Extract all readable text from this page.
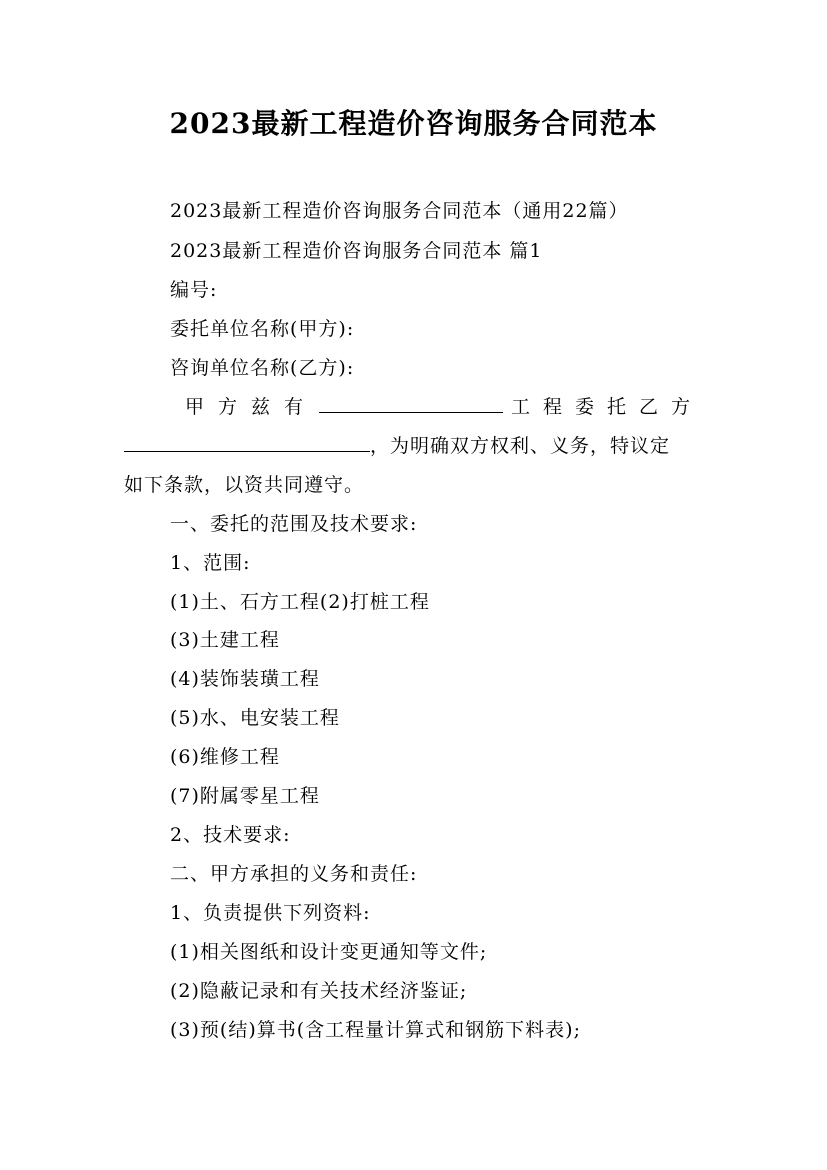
2023最新工程造价咨询服务合同范本
2023最新工程造价咨询服务合同范本（通用22篇）
2023最新工程造价咨询服务合同范本 篇1
编号:
委托单位名称(甲方):
咨询单位名称(乙方):
甲方兹有	工程委托乙方
，为明确双方权利、义务，特议定
如下条款，以资共同遵守。
一、委托的范围及技术要求:
1、范围:
(1)土、石方工程(2)打桩工程
(3)土建工程
(4)装饰装璜工程
(5)水、电安装工程
(6)维修工程
(7)附属零星工程
2、技术要求:
二、甲方承担的义务和责任:
1、负责提供下列资料:
(1)相关图纸和设计变更通知等文件;
(2)隐蔽记录和有关技术经济鉴证;
(3)预(结)算书(含工程量计算式和钢筋下料表);
